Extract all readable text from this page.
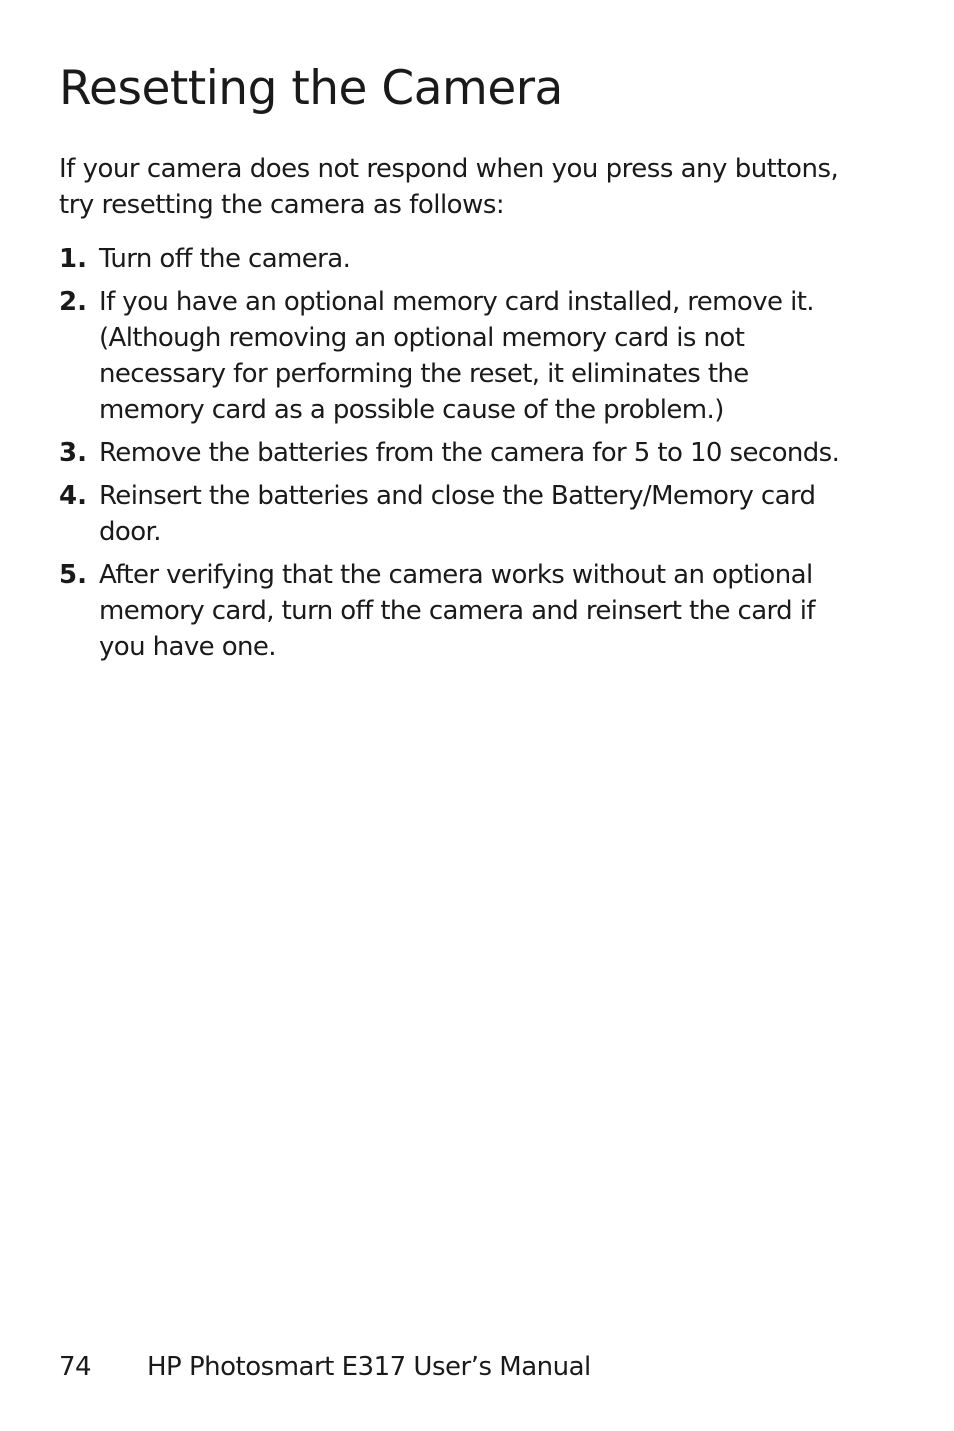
Resetting the Camera

If your camera does not respond when you press any buttons, try resetting the camera as follows:

1. Turn off the camera.
2. If you have an optional memory card installed, remove it. (Although removing an optional memory card is not necessary for performing the reset, it eliminates the memory card as a possible cause of the problem.)
3. Remove the batteries from the camera for 5 to 10 seconds.
4. Reinsert the batteries and close the Battery/Memory card door.
5. After verifying that the camera works without an optional memory card, turn off the camera and reinsert the card if you have one.
74 HP Photosmart E317 User’s Manual
